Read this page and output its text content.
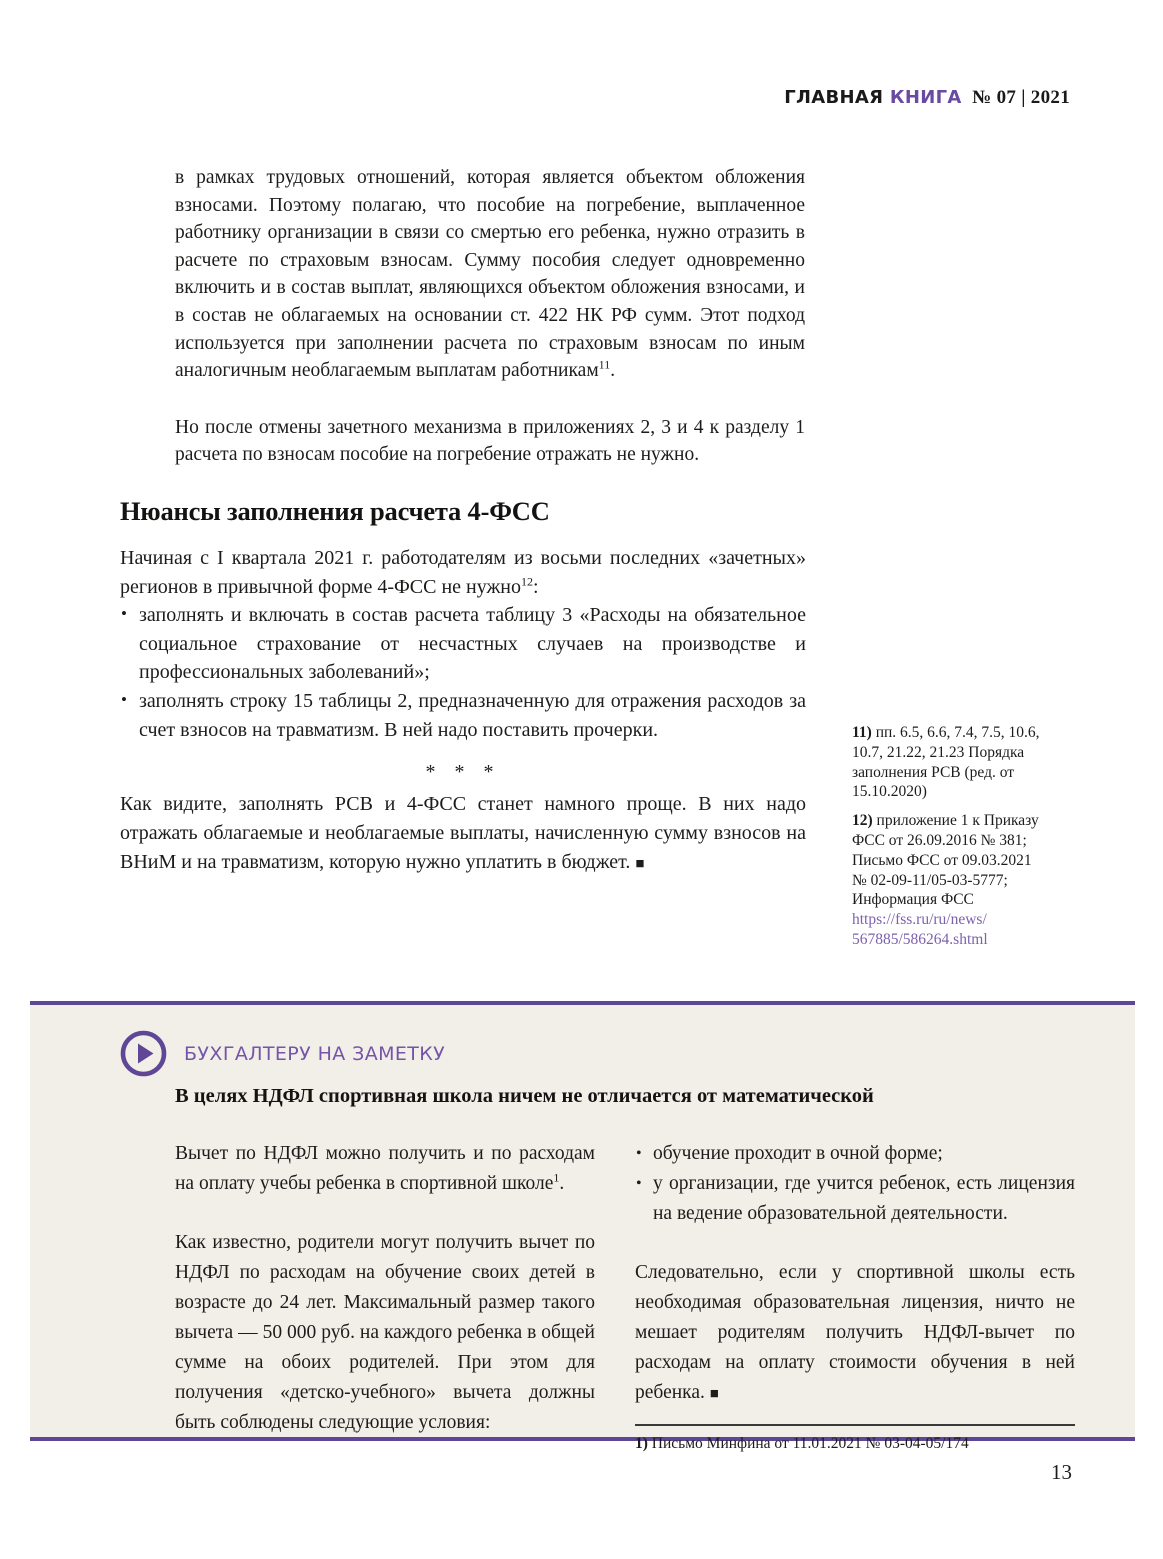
ГЛАВНАЯ КНИГА № 07 | 2021

в рамках трудовых отношений, которая является объектом обложения взносами. Поэтому полагаю, что пособие на погребение, выплаченное работнику организации в связи со смертью его ребенка, нужно отразить в расчете по страховым взносам. Сумму пособия следует одновременно включить и в состав выплат, являющихся объектом обложения взносами, и в состав не облагаемых на основании ст. 422 НК РФ сумм. Этот подход используется при заполнении расчета по страховым взносам по иным аналогичным необлагаемым выплатам работникам$^{11}$.

Но после отмены зачетного механизма в приложениях 2, 3 и 4 к разделу 1 расчета по взносам пособие на погребение отражать не нужно.

Нюансы заполнения расчета 4-ФСС

Начиная с I квартала 2021 г. работодателям из восьми последних «зачетных» регионов в привычной форме 4-ФСС не нужно$^{12}$:

• заполнять и включать в состав расчета таблицу 3 «Расходы на обязательное социальное страхование от несчастных случаев на производстве и профессиональных заболеваний»;
• заполнять строку 15 таблицы 2, предназначенную для отражения расходов за счет взносов на травматизм. В ней надо поставить прочерки.
* * *

Как видите, заполнять РСВ и 4-ФСС станет намного проще. В них надо отражать облагаемые и необлагаемые выплаты, начисленную сумму взносов на ВНиМ и на травматизм, которую нужно уплатить в бюджет. ■

11) пп. 6.5, 6.6, 7.4, 7.5, 10.6, 10.7, 21.22, 21.23 Порядка заполнения РСВ (ред. от 15.10.2020)

12) приложение 1 к Приказу ФСС от 26.09.2016 № 381; Письмо ФСС от 09.03.2021 № 02-09-11/05-03-5777; Информация ФСС
https://fss.ru/ru/news/
567885/586264.shtml

БУХГАЛТЕРУ НА ЗАМЕТКУ
В целях НДФЛ спортивная школа ничем не отличается от математической

Вычет по НДФЛ можно получить и по расходам на оплату учебы ребенка в спортивной школе$^1$.

Как известно, родители могут получить вычет по НДФЛ по расходам на обучение своих детей в возрасте до 24 лет. Максимальный размер такого вычета — 50 000 руб. на каждого ребенка в общей сумме на обоих родителей. При этом для получения «детско-учебного» вычета должны быть соблюдены следующие условия:

• обучение проходит в очной форме;
• у организации, где учится ребенок, есть лицензия на ведение образовательной деятельности.

Следовательно, если у спортивной школы есть необходимая образовательная лицензия, ничто не мешает родителям получить НДФЛ-вычет по расходам на оплату стоимости обучения в ней ребенка. ■

1) Письмо Минфина от 11.01.2021 № 03-04-05/174
13
